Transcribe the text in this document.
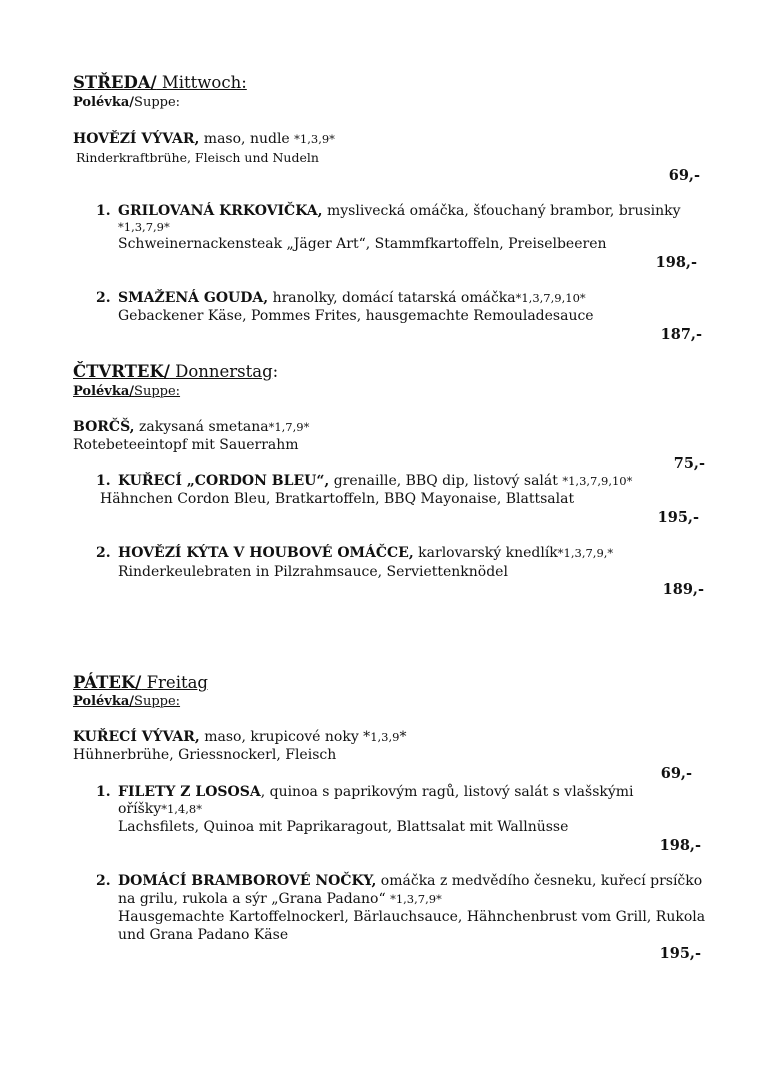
STŘEDA/ Mittwoch:
Polévka/Suppe:
HOVĚZÍ VÝVAR, maso, nudle *1,3,9*
Rinderkraftbrühe, Fleisch und Nudeln
69,-
1. GRILOVANÁ KRKOVIČKA, myslivecká omáčka, šťouchaný brambor, brusinky
*1,3,7,9*
Schweinernackensteak „Jäger Art“, Stammfkartoffeln, Preiselbeeren
198,-
2. SMAŽENÁ GOUDA, hranolky, domácí tatarská omáčka*1,3,7,9,10*
Gebackener Käse, Pommes Frites, hausgemachte Remouladesauce
187,-
ČTVRTEK/ Donnerstag:
Polévka/Suppe:
BORČŠ, zakysaná smetana*1,7,9*
Rotebeteeintopf mit Sauerrahm
75,-
1. KUŘECÍ „CORDON BLEU“, grenaille, BBQ dip, listový salát *1,3,7,9,10*
Hähnchen Cordon Bleu, Bratkartoffeln, BBQ Mayonaise, Blattsalat
195,-
2. HOVĚZÍ KÝTA V HOUBOVÉ OMÁČCE, karlovarský knedlík*1,3,7,9,*
Rinderkeulebraten in Pilzrahmsauce, Serviettenknödel
189,-
PÁTEK/ Freitag
Polévka/Suppe:
KUŘECÍ VÝVAR, maso, krupicové noky *1,3,9*
Hühnerbrühe, Griessnockerl, Fleisch
69,-
1. FILETY Z LOSOSA, quinoa s paprikovým ragů, listový salát s vlašskými
oříšky*1,4,8*
Lachsfilets, Quinoa mit Paprikaragout, Blattsalat mit Wallnüsse
198,-
2. DOMÁCÍ BRAMBOROVÉ NOČKY, omáčka z medvědího česneku, kuřecí prsíčko
na grilu, rukola a sýr „Grana Padano“ *1,3,7,9*
Hausgemachte Kartoffelnockerl, Bärlauchsauce, Hähnchenbrust vom Grill, Rukola
und Grana Padano Käse
195,-
